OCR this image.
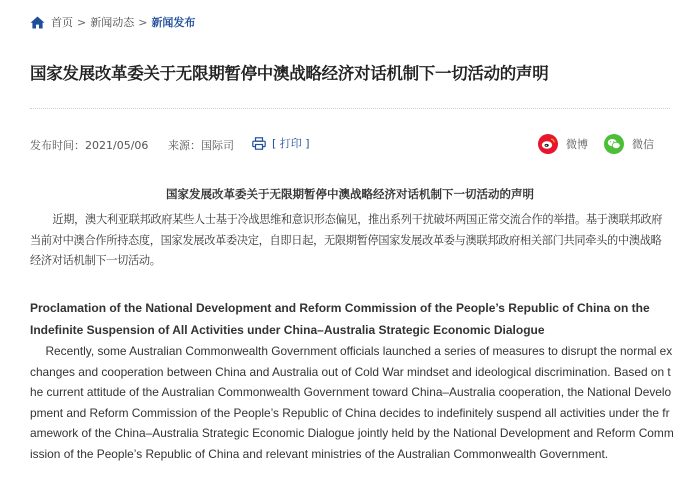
首页 > 新闻动态 > 新闻发布
国家发展改革委关于无限期暂停中澳战略经济对话机制下一切活动的声明
发布时间：2021/05/06 来源：国际司	[ 打印 ]	微博	微信
国家发展改革委关于无限期暂停中澳战略经济对话机制下一切活动的声明

近期，澳大利亚联邦政府某些人士基于冷战思维和意识形态偏见，推出系列干扰破坏两国正常交流合作的举措。基于澳联邦政府当前对中澳合作所持态度，国家发展改革委决定，自即日起，无限期暂停国家发展改革委与澳联邦政府相关部门共同牵头的中澳战略经济对话机制下一切活动。

Proclamation of the National Development and Reform Commission of the People’s Republic of China on the Indefinite Suspension of All Activities under China–Australia Strategic Economic Dialogue

Recently, some Australian Commonwealth Government officials launched a series of measures to disrupt the normal exchanges and cooperation between China and Australia out of Cold War mindset and ideological discrimination. Based on the current attitude of the Australian Commonwealth Government toward China–Australia cooperation, the National Development and Reform Commission of the People’s Republic of China decides to indefinitely suspend all activities under the framework of the China–Australia Strategic Economic Dialogue jointly held by the National Development and Reform Commission of the People’s Republic of China and relevant ministries of the Australian Commonwealth Government.
